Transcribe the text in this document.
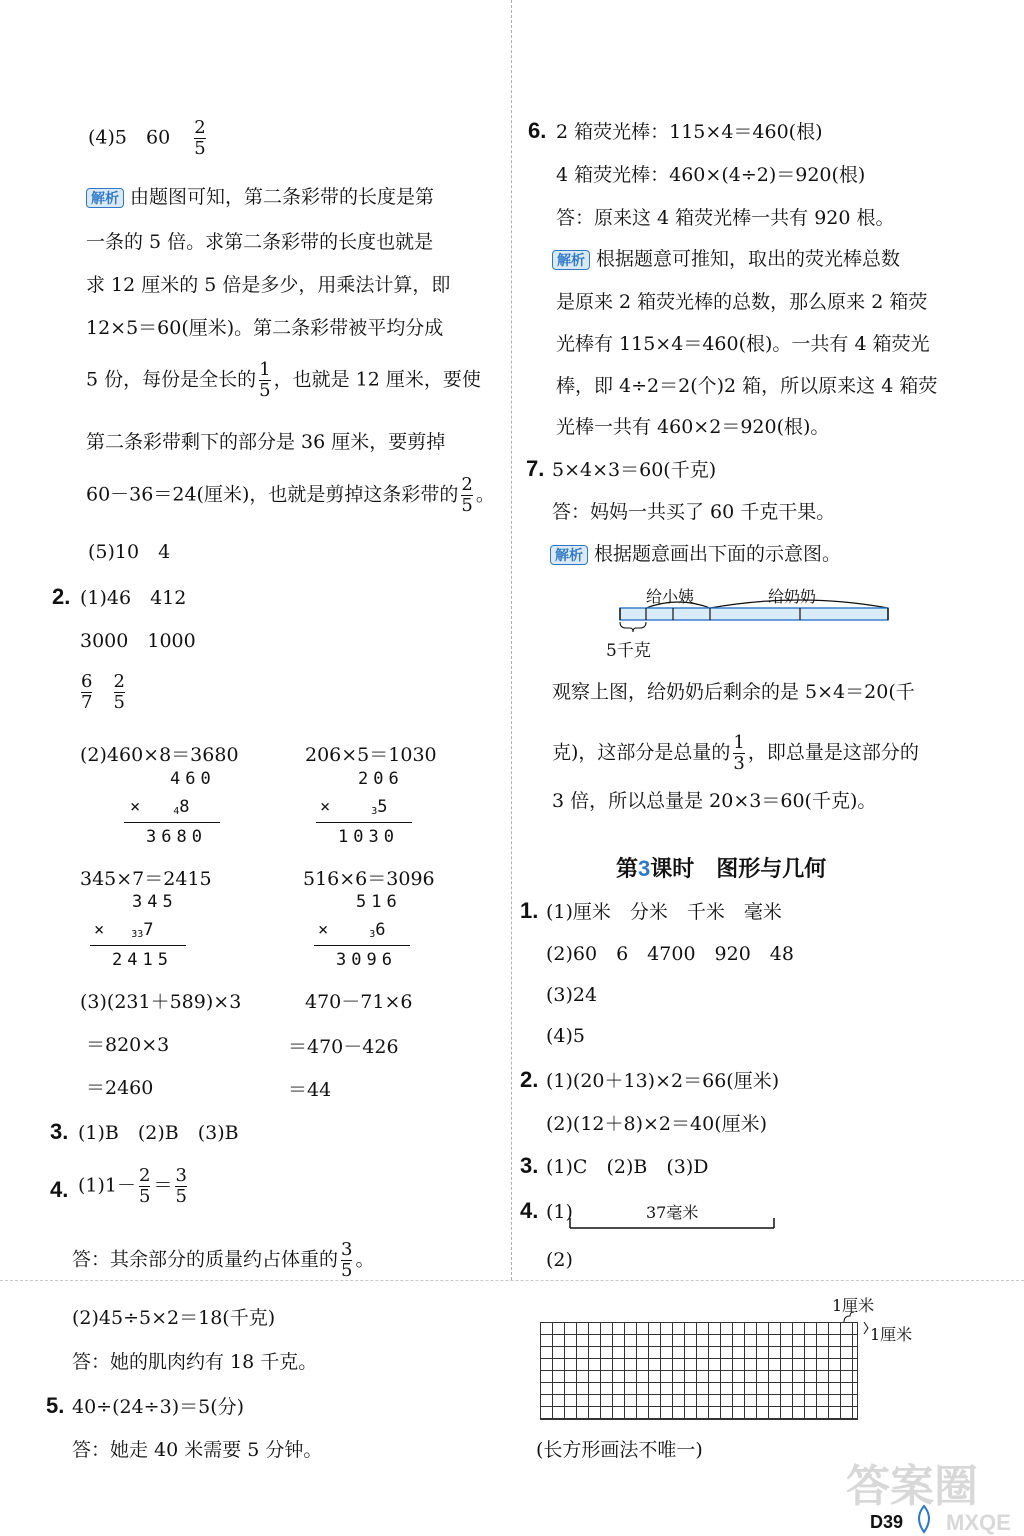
(4)5　$60 \frac{2}{5}$
解析 由题图可知，第二条彩带的长度是第
一条的 5 倍。求第二条彩带的长度也就是
求 12 厘米的 5 倍是多少，用乘法计算，即
12×5＝60(厘米)。第二条彩带被平均分成
5 份，每份是全长的 $\frac{1}{5}$ ，也就是 12 厘米，要使
第二条彩带剩下的部分是 36 厘米，要剪掉
60－36＝24(厘米)，也就是剪掉这条彩带的 $\frac{2}{5}$ 。
(5)10　4
2. (1)46　412
3000　1000
$\frac{6}{7}$
$\frac{2}{5}$
(2)460×8＝3680	206×5＝1030
460
×	48
3680
206
×	35
1030
345×7＝2415	516×6＝3096
345
× 337
2415
516
×	36
3096
(3)(231＋589)×3	470－71×6
＝820×3	＝470－426
＝2460	＝44
3. (1)B　(2)B　(3)B
4. $(1)1- \frac{2}{5} = \frac{3}{5}$
答：其余部分的质量约占体重的 $\frac{3}{5}$ 。
(2)45÷5×2＝18(千克)
答：她的肌肉约有 18 千克。
5. 40÷(24÷3)＝5(分)
答：她走 40 米需要 5 分钟。
6. 2 箱荧光棒：115×4＝460(根)
4 箱荧光棒：460×(4÷2)＝920(根)
答：原来这 4 箱荧光棒一共有 920 根。
解析 根据题意可推知，取出的荧光棒总数
是原来 2 箱荧光棒的总数，那么原来 2 箱荧
光棒有 115×4＝460(根)。一共有 4 箱荧光
棒，即 4÷2＝2(个)2 箱，所以原来这 4 箱荧
光棒一共有 460×2＝920(根)。
7. 5×4×3＝60(千克)
答：妈妈一共买了 60 千克干果。
解析 根据题意画出下面的示意图。
给小姨	给奶奶
5千克
观察上图，给奶奶后剩余的是 5×4＝20(千
克)，这部分是总量的 $\frac{1}{3}$ ，即总量是这部分的
3 倍，所以总量是 20×3＝60(千克)。
第3课时　图形与几何
1. (1)厘米　分米　千米　毫米
(2)60　6　4700　920　48
(3)24
(4)5
2. (1)(20＋13)×2＝66(厘米)
(2)(12＋8)×2＝40(厘米)
3. (1)C　(2)B　(3)D
4. (1)	37毫米
(2)
1厘米
1厘米
(长方形画法不唯一)
D39
答案圈
MXQE
